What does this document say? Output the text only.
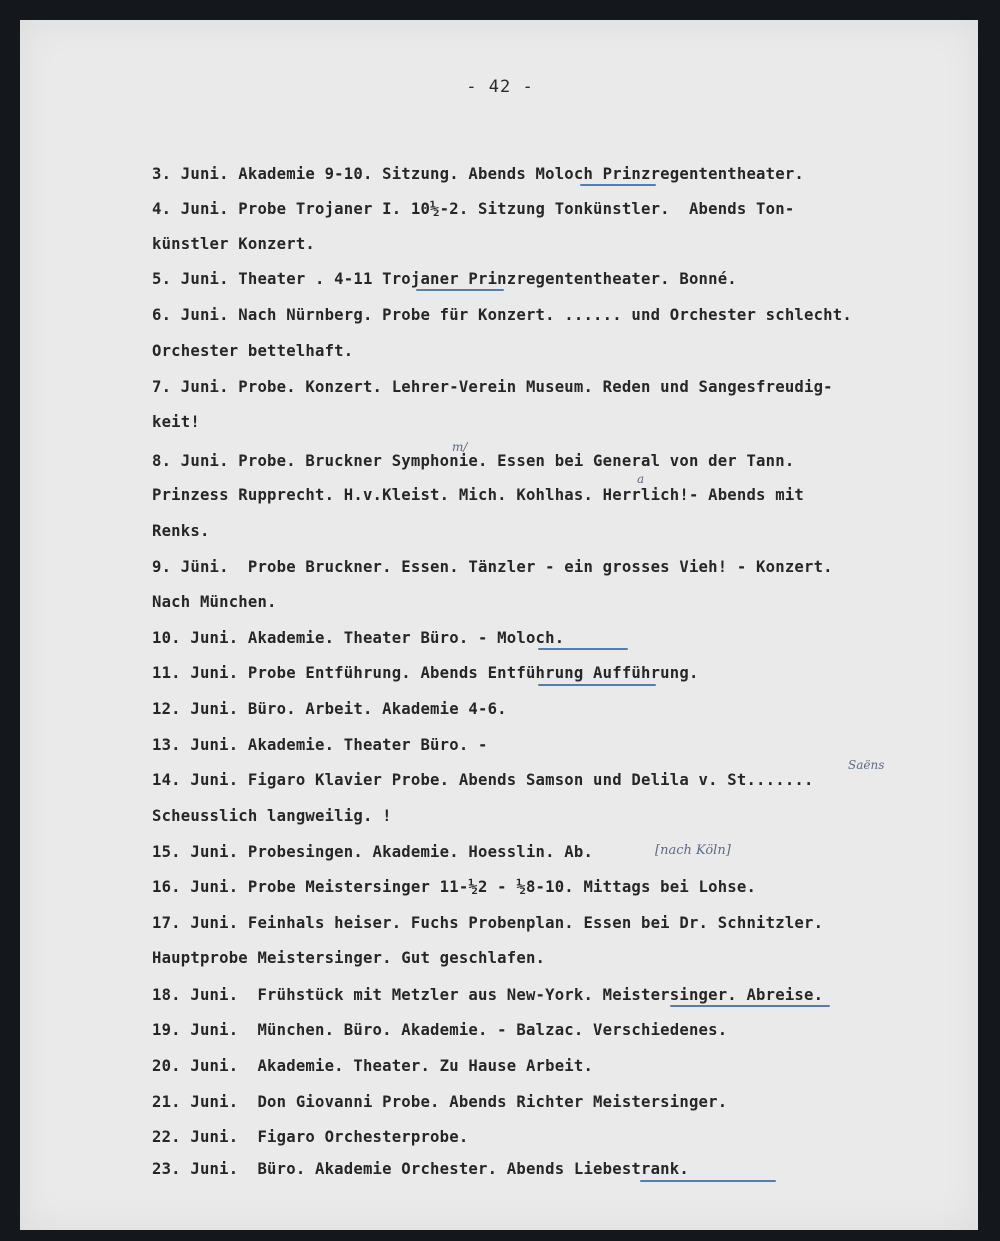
- 42 -
3. Juni. Akademie 9-10. Sitzung. Abends Moloch Prinzregententheater.
4. Juni. Probe Trojaner I. 10½-2. Sitzung Tonkünstler.  Abends Ton-
künstler Konzert.
5. Juni. Theater . 4-11 Trojaner Prinzregententheater. Bonné.
6. Juni. Nach Nürnberg. Probe für Konzert. ...... und Orchester schlecht.
Orchester bettelhaft.
7. Juni. Probe. Konzert. Lehrer-Verein Museum. Reden und Sangesfreudig-
keit!
8. Juni. Probe. Bruckner Symphonie. Essen bei General von der Tann.
Prinzess Rupprecht. H.v.Kleist. Mich. Kohlhas. Herrlich!- Abends mit
Renks.
9. Jüni.  Probe Bruckner. Essen. Tänzler - ein grosses Vieh! - Konzert.
Nach München.
10. Juni. Akademie. Theater Büro. - Moloch.
11. Juni. Probe Entführung. Abends Entführung Aufführung.
12. Juni. Büro. Arbeit. Akademie 4-6.
13. Juni. Akademie. Theater Büro. -
14. Juni. Figaro Klavier Probe. Abends Samson und Delila v. St.......
Scheusslich langweilig. !
15. Juni. Probesingen. Akademie. Hoesslin. Ab.
16. Juni. Probe Meistersinger 11-½2 - ½8-10. Mittags bei Lohse.
17. Juni. Feinhals heiser. Fuchs Probenplan. Essen bei Dr. Schnitzler.
Hauptprobe Meistersinger. Gut geschlafen.
18. Juni.  Frühstück mit Metzler aus New-York. Meistersinger. Abreise.
19. Juni.  München. Büro. Akademie. - Balzac. Verschiedenes.
20. Juni.  Akademie. Theater. Zu Hause Arbeit.
21. Juni.  Don Giovanni Probe. Abends Richter Meistersinger.
22. Juni.  Figaro Orchesterprobe.
23. Juni.  Büro. Akademie Orchester. Abends Liebestrank.
m/
a
Saëns
[nach Köln]
